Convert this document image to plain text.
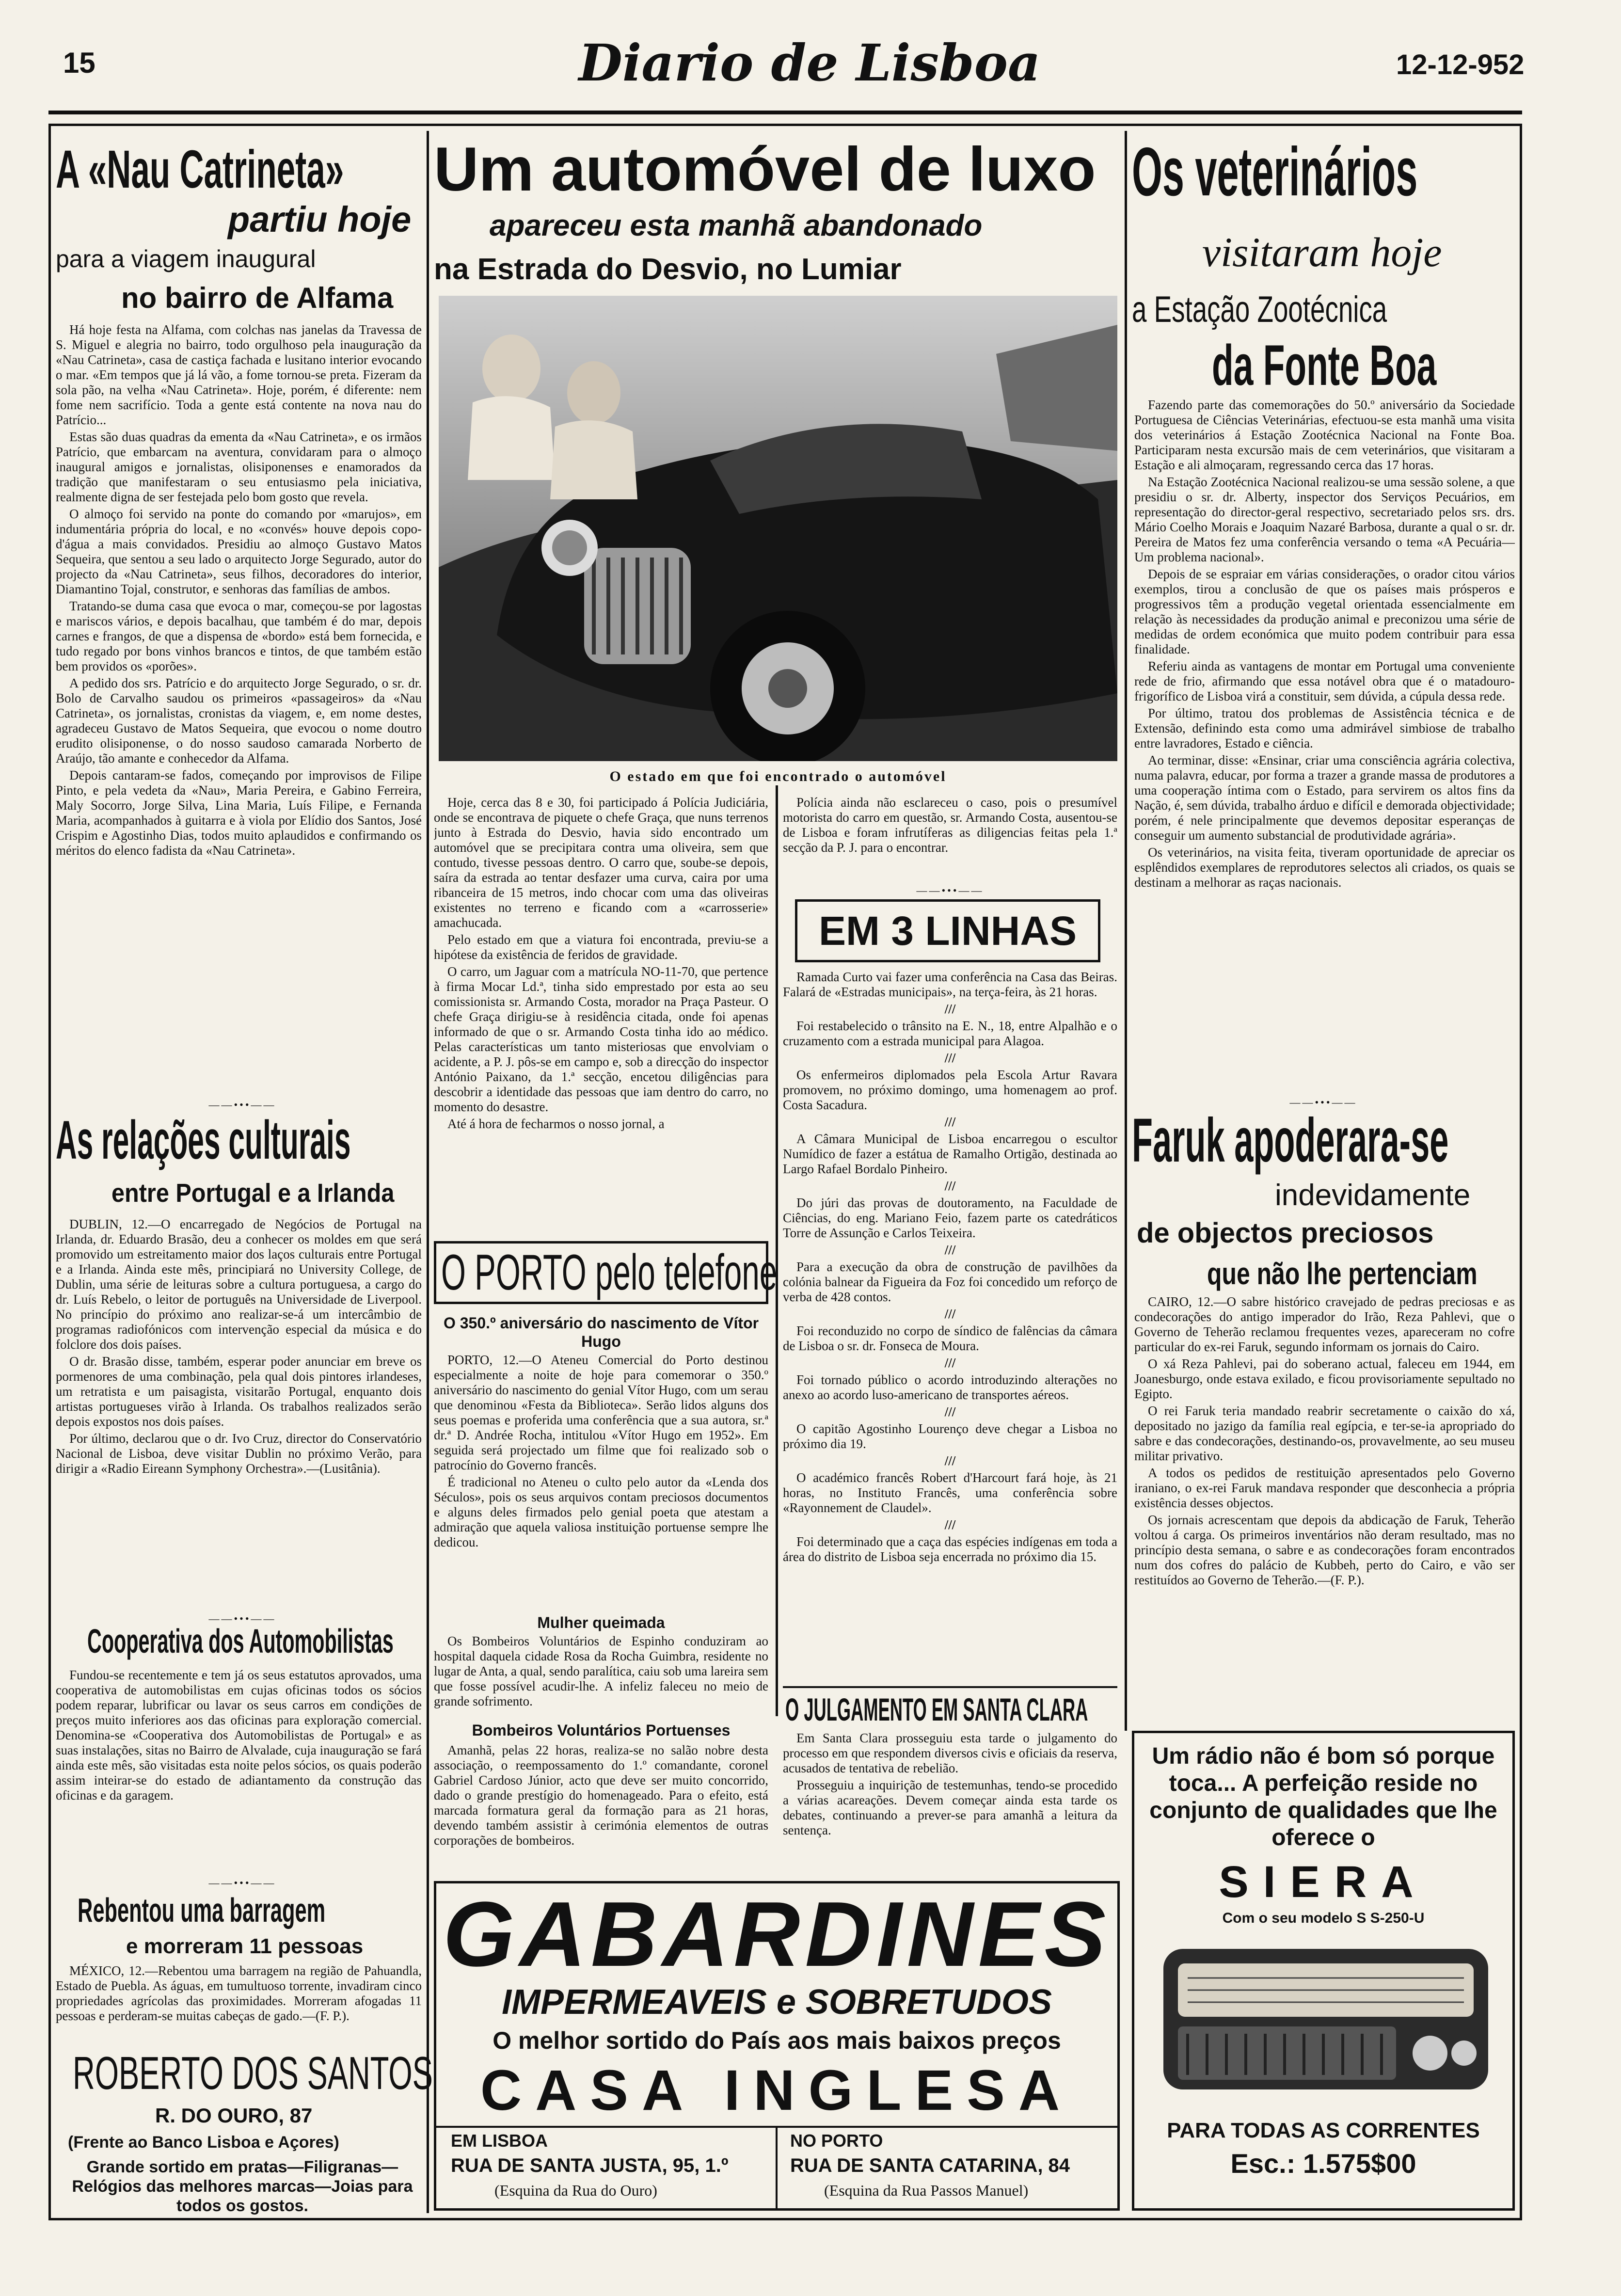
15	Diario de Lisboa	12-12-952
A «Nau Catrineta»
partiu hoje
para a viagem inaugural
no bairro de Alfama

Há hoje festa na Alfama, com colchas nas janelas da Travessa de S. Miguel e alegria no bairro, todo orgulhoso pela inauguração da «Nau Catrineta», casa de castiça fachada e lusitano interior evocando o mar. «Em tempos que já lá vão, a fome tornou-se preta. Fizeram da sola pão, na velha «Nau Catrineta». Hoje, porém, é diferente: nem fome nem sacrifício. Toda a gente está contente na nova nau do Patrício...

Estas são duas quadras da ementa da «Nau Catrineta», e os irmãos Patrício, que embarcam na aventura, convidaram para o almoço inaugural amigos e jornalistas, olisiponenses e enamorados da tradição que manifestaram o seu entusiasmo pela iniciativa, realmente digna de ser festejada pelo bom gosto que revela.

O almoço foi servido na ponte do comando por «marujos», em indumentária própria do local, e no «convés» houve depois copo-d'água a mais convidados. Presidiu ao almoço Gustavo Matos Sequeira, que sentou a seu lado o arquitecto Jorge Segurado, autor do projecto da «Nau Catrineta», seus filhos, decoradores do interior, Diamantino Tojal, construtor, e senhoras das famílias de ambos.

Tratando-se duma casa que evoca o mar, começou-se por lagostas e mariscos vários, e depois bacalhau, que também é do mar, depois carnes e frangos, de que a dispensa de «bordo» está bem fornecida, e tudo regado por bons vinhos brancos e tintos, de que também estão bem providos os «porões».

A pedido dos srs. Patrício e do arquitecto Jorge Segurado, o sr. dr. Bolo de Carvalho saudou os primeiros «passageiros» da «Nau Catrineta», os jornalistas, cronistas da viagem, e, em nome destes, agradeceu Gustavo de Matos Sequeira, que evocou o nome doutro erudito olisiponense, o do nosso saudoso camarada Norberto de Araújo, tão amante e conhecedor da Alfama.

Depois cantaram-se fados, começando por improvisos de Filipe Pinto, e pela vedeta da «Nau», Maria Pereira, e Gabino Ferreira, Maly Socorro, Jorge Silva, Lina Maria, Luís Filipe, e Fernanda Maria, acompanhados à guitarra e à viola por Elídio dos Santos, José Crispim e Agostinho Dias, todos muito aplaudidos e confirmando os méritos do elenco fadista da «Nau Catrineta».

——•••——
As relações culturais
entre Portugal e a Irlanda

DUBLIN, 12.—O encarregado de Negócios de Portugal na Irlanda, dr. Eduardo Brasão, deu a conhecer os moldes em que será promovido um estreitamento maior dos laços culturais entre Portugal e a Irlanda. Ainda este mês, principiará no University College, de Dublin, uma série de leituras sobre a cultura portuguesa, a cargo do dr. Luís Rebelo, o leitor de português na Universidade de Liverpool. No princípio do próximo ano realizar-se-á um intercâmbio de programas radiofónicos com intervenção especial da música e do folclore dos dois países.

O dr. Brasão disse, também, esperar poder anunciar em breve os pormenores de uma combinação, pela qual dois pintores irlandeses, um retratista e um paisagista, visitarão Portugal, enquanto dois artistas portugueses virão à Irlanda. Os trabalhos realizados serão depois expostos nos dois países.

Por último, declarou que o dr. Ivo Cruz, director do Conservatório Nacional de Lisboa, deve visitar Dublin no próximo Verão, para dirigir a «Radio Eireann Symphony Orchestra».—(Lusitânia).

——•••——
Cooperativa dos Automobilistas

Fundou-se recentemente e tem já os seus estatutos aprovados, uma cooperativa de automobilistas em cujas oficinas todos os sócios podem reparar, lubrificar ou lavar os seus carros em condições de preços muito inferiores aos das oficinas para exploração comercial. Denomina-se «Cooperativa dos Automobilistas de Portugal» e as suas instalações, sitas no Bairro de Alvalade, cuja inauguração se fará ainda este mês, são visitadas esta noite pelos sócios, os quais poderão assim inteirar-se do estado de adiantamento da construção das oficinas e da garagem.

——•••——
Rebentou uma barragem
e morreram 11 pessoas

MÉXICO, 12.—Rebentou uma barragem na região de Pahuandla, Estado de Puebla. As águas, em tumultuoso torrente, invadiram cinco propriedades agrícolas das proximidades. Morreram afogadas 11 pessoas e perderam-se muitas cabeças de gado.—(F. P.).

ROBERTO DOS SANTOS
R. DO OURO, 87
(Frente ao Banco Lisboa e Açores)
Grande sortido em pratas—Filigranas—Relógios das melhores marcas—Joias para todos os gostos.
Um automóvel de luxo
apareceu esta manhã abandonado
na Estrada do Desvio, no Lumiar
O estado em que foi encontrado o automóvel

Hoje, cerca das 8 e 30, foi participado á Polícia Judiciária, onde se encontrava de piquete o chefe Graça, que nuns terrenos junto à Estrada do Desvio, havia sido encontrado um automóvel que se precipitara contra uma oliveira, sem que contudo, tivesse pessoas dentro. O carro que, soube-se depois, saíra da estrada ao tentar desfazer uma curva, caira por uma ribanceira de 15 metros, indo chocar com uma das oliveiras existentes no terreno e ficando com a «carrosserie» amachucada.

Pelo estado em que a viatura foi encontrada, previu-se a hipótese da existência de feridos de gravidade.

O carro, um Jaguar com a matrícula NO-11-70, que pertence à firma Mocar Ld.ª, tinha sido emprestado por esta ao seu comissionista sr. Armando Costa, morador na Praça Pasteur. O chefe Graça dirigiu-se à residência citada, onde foi apenas informado de que o sr. Armando Costa tinha ido ao médico. Pelas características um tanto misteriosas que envolviam o acidente, a P. J. pôs-se em campo e, sob a direcção do inspector António Paixano, da 1.ª secção, encetou diligências para descobrir a identidade das pessoas que iam dentro do carro, no momento do desastre.

Até á hora de fecharmos o nosso jornal, a

Polícia ainda não esclareceu o caso, pois o presumível motorista do carro em questão, sr. Armando Costa, ausentou-se de Lisboa e foram infrutíferas as diligencias feitas pela 1.ª secção da P. J. para o encontrar.

——•••——
O PORTO pelo telefone
O 350.º aniversário do nascimento de Vítor Hugo

PORTO, 12.—O Ateneu Comercial do Porto destinou especialmente a noite de hoje para comemorar o 350.º aniversário do nascimento do genial Vítor Hugo, com um serau que denominou «Festa da Biblioteca». Serão lidos alguns dos seus poemas e proferida uma conferência que a sua autora, sr.ª dr.ª D. Andrée Rocha, intitulou «Vítor Hugo em 1952». Em seguida será projectado um filme que foi realizado sob o patrocínio do Governo francês.

É tradicional no Ateneu o culto pelo autor da «Lenda dos Séculos», pois os seus arquivos contam preciosos documentos e alguns deles firmados pelo genial poeta que atestam a admiração que aquela valiosa instituição portuense sempre lhe dedicou.

Mulher queimada

Os Bombeiros Voluntários de Espinho conduziram ao hospital daquela cidade Rosa da Rocha Guimbra, residente no lugar de Anta, a qual, sendo paralítica, caiu sob uma lareira sem que fosse possível acudir-lhe. A infeliz faleceu no meio de grande sofrimento.

Bombeiros Voluntários Portuenses

Amanhã, pelas 22 horas, realiza-se no salão nobre desta associação, o reempossamento do 1.º comandante, coronel Gabriel Cardoso Júnior, acto que deve ser muito concorrido, dado o grande prestígio do homenageado. Para o efeito, está marcada formatura geral da formação para as 21 horas, devendo também assistir à cerimónia elementos de outras corporações de bombeiros.

EM 3 LINHAS

Ramada Curto vai fazer uma conferência na Casa das Beiras. Falará de «Estradas municipais», na terça-feira, às 21 horas.

///

Foi restabelecido o trânsito na E. N., 18, entre Alpalhão e o cruzamento com a estrada municipal para Alagoa.

///

Os enfermeiros diplomados pela Escola Artur Ravara promovem, no próximo domingo, uma homenagem ao prof. Costa Sacadura.

///

A Câmara Municipal de Lisboa encarregou o escultor Numídico de fazer a estátua de Ramalho Ortigão, destinada ao Largo Rafael Bordalo Pinheiro.

///

Do júri das provas de doutoramento, na Faculdade de Ciências, do eng. Mariano Feio, fazem parte os catedráticos Torre de Assunção e Carlos Teixeira.

///

Para a execução da obra de construção de pavilhões da colónia balnear da Figueira da Foz foi concedido um reforço de verba de 428 contos.

///

Foi reconduzido no corpo de síndico de falências da câmara de Lisboa o sr. dr. Fonseca de Moura.

///

Foi tornado público o acordo introduzindo alterações no anexo ao acordo luso-americano de transportes aéreos.

///

O capitão Agostinho Lourenço deve chegar a Lisboa no próximo dia 19.

///

O académico francês Robert d'Harcourt fará hoje, às 21 horas, no Instituto Francês, uma conferência sobre «Rayonnement de Claudel».

///

Foi determinado que a caça das espécies indígenas em toda a área do distrito de Lisboa seja encerrada no próximo dia 15.

O JULGAMENTO EM SANTA CLARA

Em Santa Clara prosseguiu esta tarde o julgamento do processo em que respondem diversos civis e oficiais da reserva, acusados de tentativa de rebelião.

Prosseguiu a inquirição de testemunhas, tendo-se procedido a várias acareações. Devem começar ainda esta tarde os debates, continuando a prever-se para amanhã a leitura da sentença.

Os veterinários
visitaram hoje
a Estação Zootécnica
da Fonte Boa

Fazendo parte das comemorações do 50.º aniversário da Sociedade Portuguesa de Ciências Veterinárias, efectuou-se esta manhã uma visita dos veterinários á Estação Zootécnica Nacional na Fonte Boa. Participaram nesta excursão mais de cem veterinários, que visitaram a Estação e ali almoçaram, regressando cerca das 17 horas.

Na Estação Zootécnica Nacional realizou-se uma sessão solene, a que presidiu o sr. dr. Alberty, inspector dos Serviços Pecuários, em representação do director-geral respectivo, secretariado pelos srs. drs. Mário Coelho Morais e Joaquim Nazaré Barbosa, durante a qual o sr. dr. Pereira de Matos fez uma conferência versando o tema «A Pecuária—Um problema nacional».

Depois de se espraiar em várias considerações, o orador citou vários exemplos, tirou a conclusão de que os países mais prósperos e progressivos têm a produção vegetal orientada essencialmente em relação às necessidades da produção animal e preconizou uma série de medidas de ordem económica que muito podem contribuir para essa finalidade.

Referiu ainda as vantagens de montar em Portugal uma conveniente rede de frio, afirmando que essa notável obra que é o matadouro-frigorífico de Lisboa virá a constituir, sem dúvida, a cúpula dessa rede.

Por último, tratou dos problemas de Assistência técnica e de Extensão, definindo esta como uma admirável simbiose de trabalho entre lavradores, Estado e ciência.

Ao terminar, disse: «Ensinar, criar uma consciência agrária colectiva, numa palavra, educar, por forma a trazer a grande massa de produtores a uma cooperação íntima com o Estado, para servirem os altos fins da Nação, é, sem dúvida, trabalho árduo e difícil e demorada objectividade; porém, é nele principalmente que devemos depositar esperanças de conseguir um aumento substancial de produtividade agrária».

Os veterinários, na visita feita, tiveram oportunidade de apreciar os esplêndidos exemplares de reprodutores selectos ali criados, os quais se destinam a melhorar as raças nacionais.

——•••——
Faruk apoderara-se
indevidamente
de objectos preciosos
que não lhe pertenciam

CAIRO, 12.—O sabre histórico cravejado de pedras preciosas e as condecorações do antigo imperador do Irão, Reza Pahlevi, que o Governo de Teherão reclamou frequentes vezes, apareceram no cofre particular do ex-rei Faruk, segundo informam os jornais do Cairo.

O xá Reza Pahlevi, pai do soberano actual, faleceu em 1944, em Joanesburgo, onde estava exilado, e ficou provisoriamente sepultado no Egipto.

O rei Faruk teria mandado reabrir secretamente o caixão do xá, depositado no jazigo da família real egípcia, e ter-se-ia apropriado do sabre e das condecorações, destinando-os, provavelmente, ao seu museu militar privativo.

A todos os pedidos de restituição apresentados pelo Governo iraniano, o ex-rei Faruk mandava responder que desconhecia a própria existência desses objectos.

Os jornais acrescentam que depois da abdicação de Faruk, Teherão voltou á carga. Os primeiros inventários não deram resultado, mas no princípio desta semana, o sabre e as condecorações foram encontrados num dos cofres do palácio de Kubbeh, perto do Cairo, e vão ser restituídos ao Governo de Teherão.—(F. P.).

Um rádio não é bom só porque toca... A perfeição reside no conjunto de qualidades que lhe oferece o
SIERA
Com o seu modelo S S-250-U
PARA TODAS AS CORRENTES
Esc.: 1.575$00
GABARDINES
IMPERMEAVEIS e SOBRETUDOS
O melhor sortido do País aos mais baixos preços
CASA INGLESA
EM LISBOA
RUA DE SANTA JUSTA, 95, 1.º
(Esquina da Rua do Ouro)
NO PORTO
RUA DE SANTA CATARINA, 84
(Esquina da Rua Passos Manuel)
